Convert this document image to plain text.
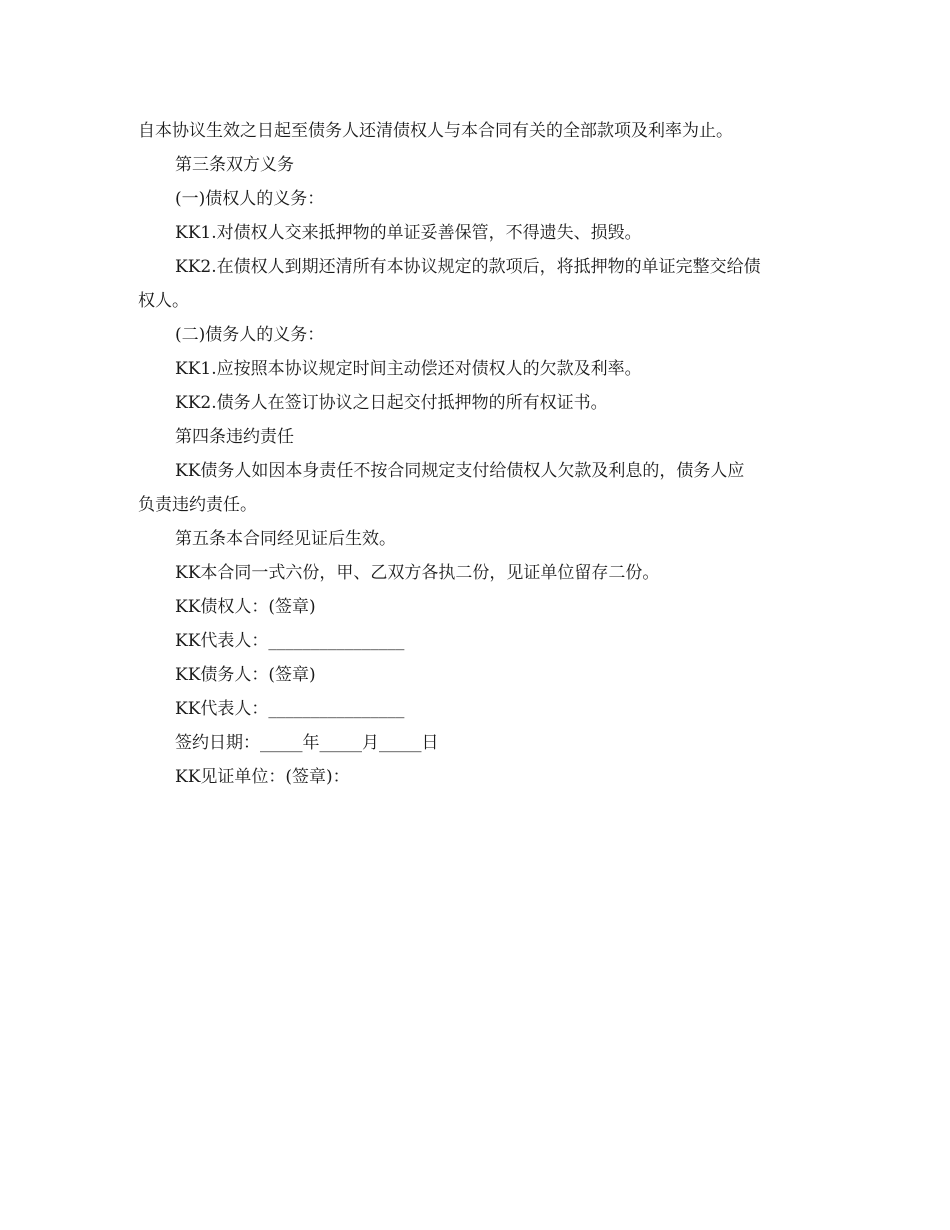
自本协议生效之日起至债务人还清债权人与本合同有关的全部款项及利率为止。

第三条双方义务

(一)债权人的义务：

KK1.对债权人交来抵押物的单证妥善保管，不得遗失、损毁。

KK2.在债权人到期还清所有本协议规定的款项后，将抵押物的单证完整交给债

权人。

(二)债务人的义务：

KK1.应按照本协议规定时间主动偿还对债权人的欠款及利率。

KK2.债务人在签订协议之日起交付抵押物的所有权证书。

第四条违约责任

KK债务人如因本身责任不按合同规定支付给债权人欠款及利息的，债务人应

负责违约责任。

第五条本合同经见证后生效。

KK本合同一式六份，甲、乙双方各执二份，见证单位留存二份。

KK债权人：(签章)

KK代表人：________________

KK债务人：(签章)

KK代表人：________________

签约日期：_____年_____月_____日

KK见证单位：(签章)：
